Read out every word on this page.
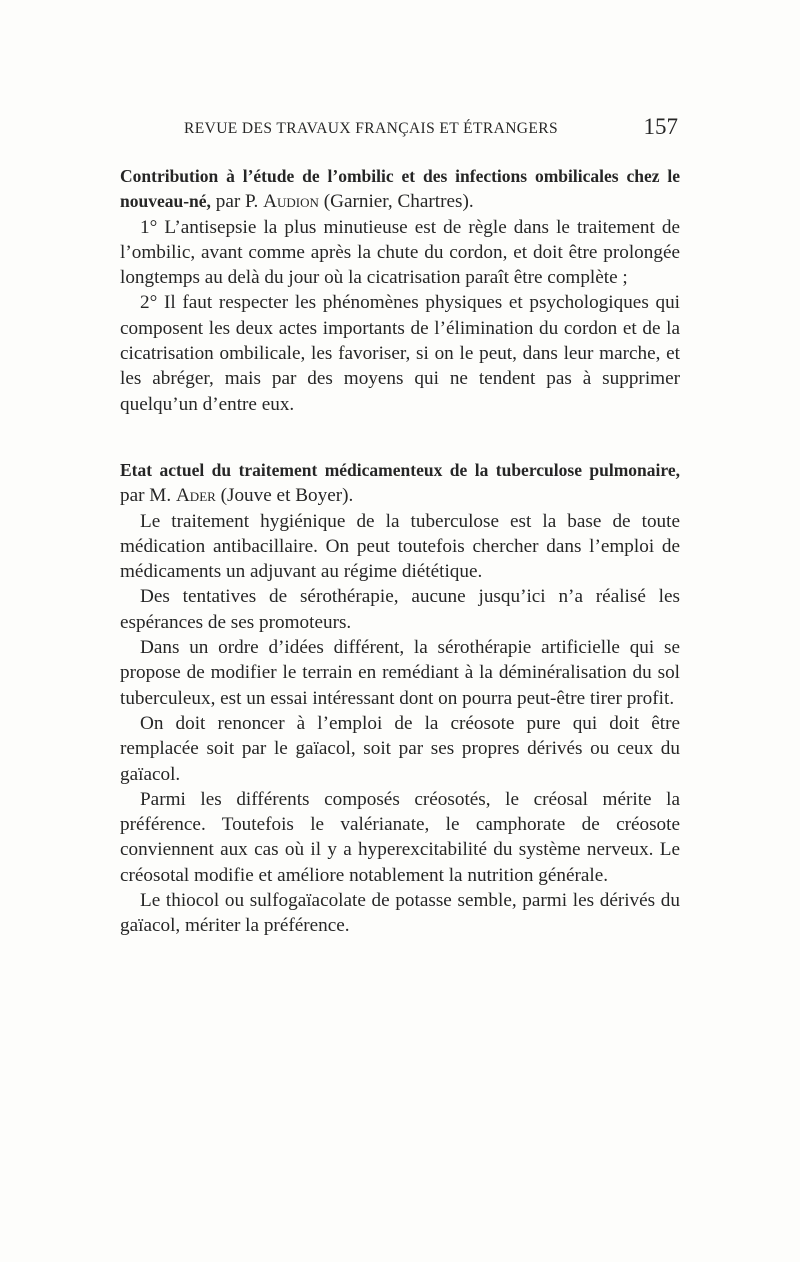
REVUE DES TRAVAUX FRANÇAIS ET ÉTRANGERS	157

Contribution à l’étude de l’ombilic et des infections ombilicales chez le nouveau-né, par P. Audion (Garnier, Chartres).

1° L’antisepsie la plus minutieuse est de règle dans le traitement de l’ombilic, avant comme après la chute du cordon, et doit être prolongée longtemps au delà du jour où la cicatrisation paraît être complète ;

2° Il faut respecter les phénomènes physiques et psychologiques qui composent les deux actes importants de l’élimination du cordon et de la cicatrisation ombilicale, les favoriser, si on le peut, dans leur marche, et les abréger, mais par des moyens qui ne tendent pas à supprimer quelqu’un d’entre eux.

Etat actuel du traitement médicamenteux de la tuberculose pulmonaire, par M. Ader (Jouve et Boyer).

Le traitement hygiénique de la tuberculose est la base de toute médication antibacillaire. On peut toutefois chercher dans l’emploi de médicaments un adjuvant au régime diététique.

Des tentatives de sérothérapie, aucune jusqu’ici n’a réalisé les espérances de ses promoteurs.

Dans un ordre d’idées différent, la sérothérapie artificielle qui se propose de modifier le terrain en remédiant à la déminéralisation du sol tuberculeux, est un essai intéressant dont on pourra peut-être tirer profit.

On doit renoncer à l’emploi de la créosote pure qui doit être remplacée soit par le gaïacol, soit par ses propres dérivés ou ceux du gaïacol.

Parmi les différents composés créosotés, le créosal mérite la préférence. Toutefois le valérianate, le camphorate de créosote conviennent aux cas où il y a hyperexcitabilité du système nerveux. Le créosotal modifie et améliore notablement la nutrition générale.

Le thiocol ou sulfogaïacolate de potasse semble, parmi les dérivés du gaïacol, mériter la préférence.
